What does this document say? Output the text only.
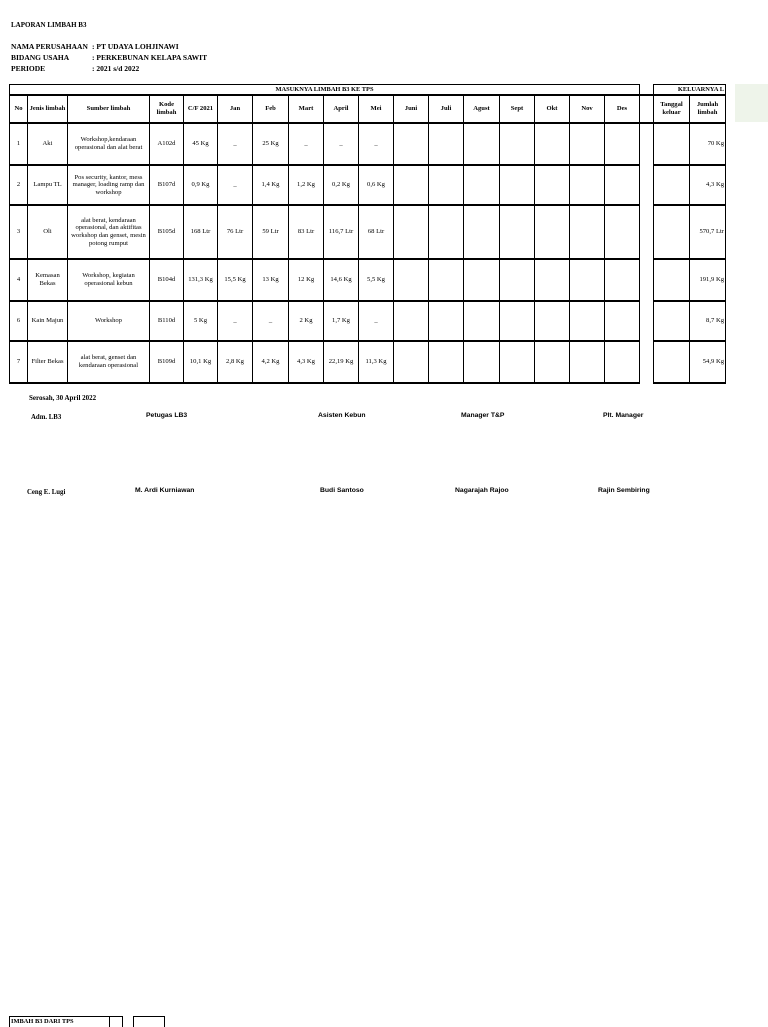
LAPORAN LIMBAH B3
NAMA PERUSAHAAN : PT UDAYA LOHJINAWI
BIDANG USAHA	: PERKEBUNAN KELAPA SAWIT
PERIODE	: 2021 s/d 2022
MASUKNYA LIMBAH B3 KE TPS																		KELUARNYA L	
No	Jenis limbah	Sumber limbah	Kode limbah	C/F 2021	Jan	Feb	Mart	April	Mei	Juni	Juli	Agust	Sept	Okt	Nov	Des		Tanggal keluar	Jumlah limbah
1	Aki	Workshop,kendaraan operasional dan alat berat	A102d	45 Kg	_	25 Kg	_	_	_										70 Kg
2	Lampu TL	Pos security, kantor, mess manager, loading ramp dan workshop	B107d	0,9 Kg	_	1,4 Kg	1,2 Kg	0,2 Kg	0,6 Kg										4,3 Kg
3	Oli	alat berat, kendaraan operasional, dan aktifitas workshop dan genset, mesin potong rumput	B105d	168 Ltr	76 Ltr	59 Ltr	83 Ltr	116,7 Ltr	68 Ltr										570,7 Ltr
4	Kemasan Bekas	Workshop, kegiatan operasional kebun	B104d	131,3 Kg	15,5 Kg	13 Kg	12 Kg	14,6 Kg	5,5 Kg										191,9 Kg
6	Kain Majun	Workshop	B110d	5 Kg	_	_	2 Kg	1,7 Kg	_										8,7 Kg
7	Filter Bekas	alat berat, genset dan kendaraan operasional	B109d	10,1 Kg	2,8 Kg	4,2 Kg	4,3 Kg	22,19 Kg	11,3 Kg										54,9 Kg
Serosah, 30 April 2022
Adm. LB3	Petugas LB3	Asisten Kebun	Manager T&P	Plt. Manager
Ceng E. Lugi	M. Ardi Kurniawan	Budi Santoso	Nagarajah Rajoo	Rajin Sembiring
IMBAH B3 DARI TPS
